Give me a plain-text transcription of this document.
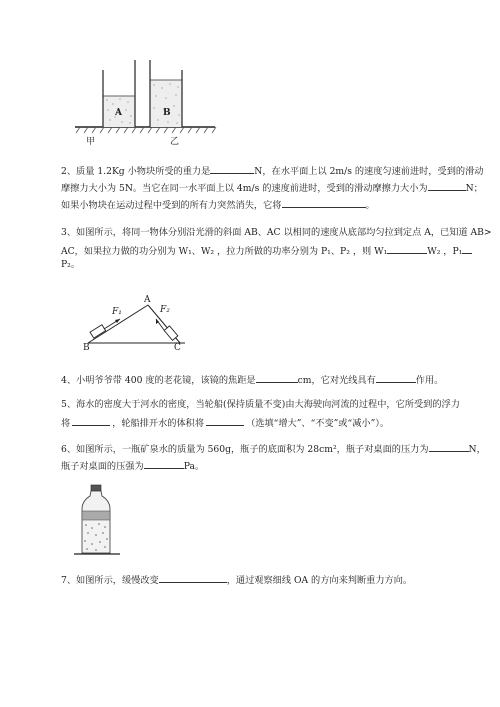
A	B
甲	乙
2、质量 1.2Kg 小物块所受的重力是	N，在水平面上以 2m/s 的速度匀速前进时，受到的滑动
摩擦力大小为 5N。当它在同一水平面上以 4m/s 的速度前进时，受到的滑动摩擦力大小为	N；
如果小物块在运动过程中受到的所有力突然消失，它将	。
3、如图所示，将同一物体分别沿光滑的斜面 AB、AC 以相同的速度从底部均匀拉到定点 A，已知道 AB>
AC，如果拉力做的功分别为 W₁、W₂ ，拉力所做的功率分别为 P₁、P₂ ，则 W₁	W₂ ，P₁
P₂。
A
B	C
F₁	F₂
4、小明爷爷带 400 度的老花镜，该镜的焦距是	cm，它对光线具有	作用。
5、海水的密度大于河水的密度，当轮船(保持质量不变)由大海驶向河流的过程中，它所受到的浮力
将	，轮船排开水的体积将	（选填“增大”、“不变”或“减小”）。
6、如图所示，一瓶矿泉水的质量为 560g，瓶子的底面积为 28cm²，瓶子对桌面的压力为	N，
瓶子对桌面的压强为	Pa。
7、如图所示，缓慢改变	，通过观察细线 OA 的方向来判断重力方向。
